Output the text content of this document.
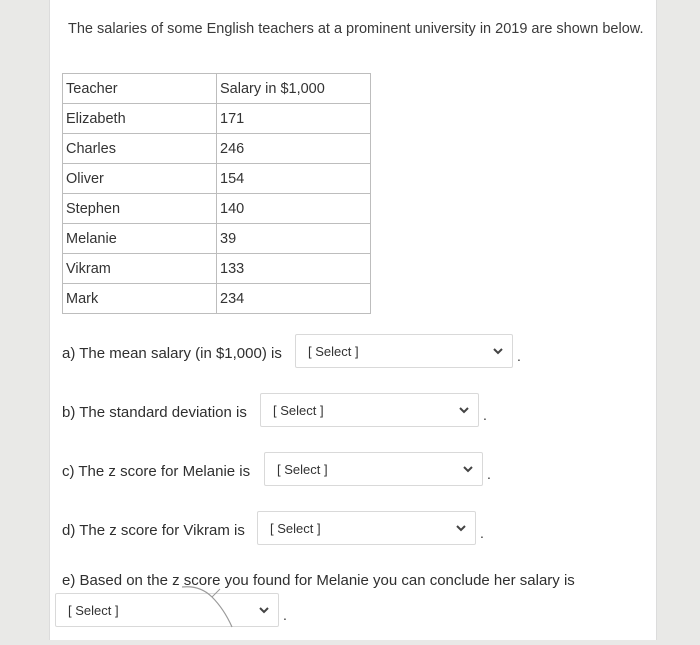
The salaries of some English teachers at a prominent university in 2019 are shown below.
Teacher	Salary in $1,000
Elizabeth	171
Charles	246
Oliver	154
Stephen	140
Melanie	39
Vikram	133
Mark	234
a) The mean salary (in $1,000) is [ Select ]	.
b) The standard deviation is [ Select ]	.
c) The z score for Melanie is [ Select ]	.
d) The z score for Vikram is [ Select ]	.
e) Based on the z score you found for Melanie you can conclude her salary is
[ Select ]	.
